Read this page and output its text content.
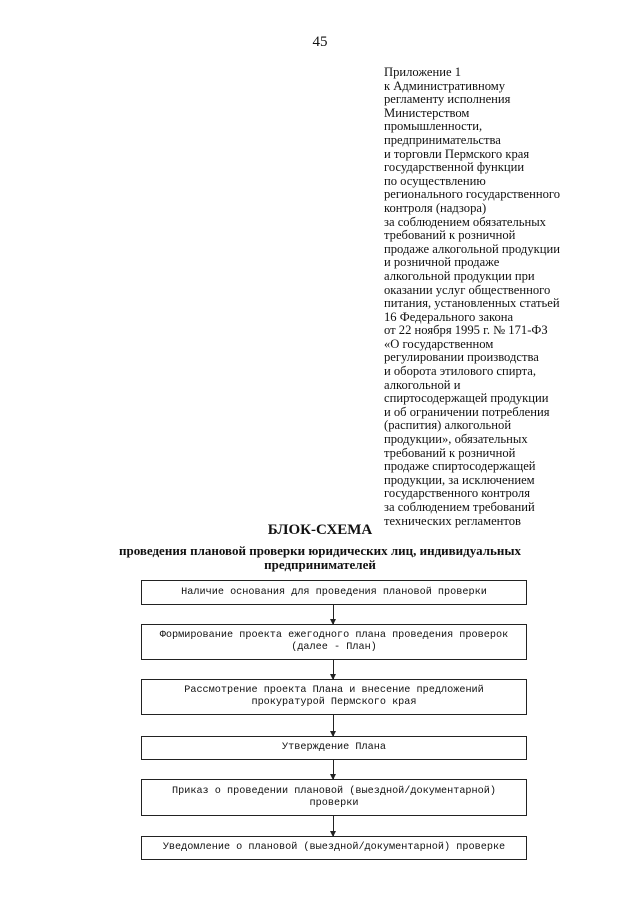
45
Приложение 1
к Административному
регламенту исполнения
Министерством
промышленности,
предпринимательства
и торговли Пермского края
государственной функции
по осуществлению
регионального государственного
контроля (надзора)
за соблюдением обязательных
требований к розничной
продаже алкогольной продукции
и розничной продаже
алкогольной продукции при
оказании услуг общественного
питания, установленных статьей
16 Федерального закона
от 22 ноября 1995 г. № 171-ФЗ
«О государственном
регулировании производства
и оборота этилового спирта,
алкогольной и
спиртосодержащей продукции
и об ограничении потребления
(распития) алкогольной
продукции», обязательных
требований к розничной
продаже спиртосодержащей
продукции, за исключением
государственного контроля
за соблюдением требований
технических регламентов
БЛОК-СХЕМА
проведения плановой проверки юридических лиц, индивидуальных предпринимателей
Наличие основания для проведения плановой проверки
Формирование проекта ежегодного плана проведения проверок (далее - План)
Рассмотрение проекта Плана и внесение предложений прокуратурой Пермского края
Утверждение Плана
Приказ о проведении плановой (выездной/документарной) проверки
Уведомление о плановой (выездной/документарной) проверке
